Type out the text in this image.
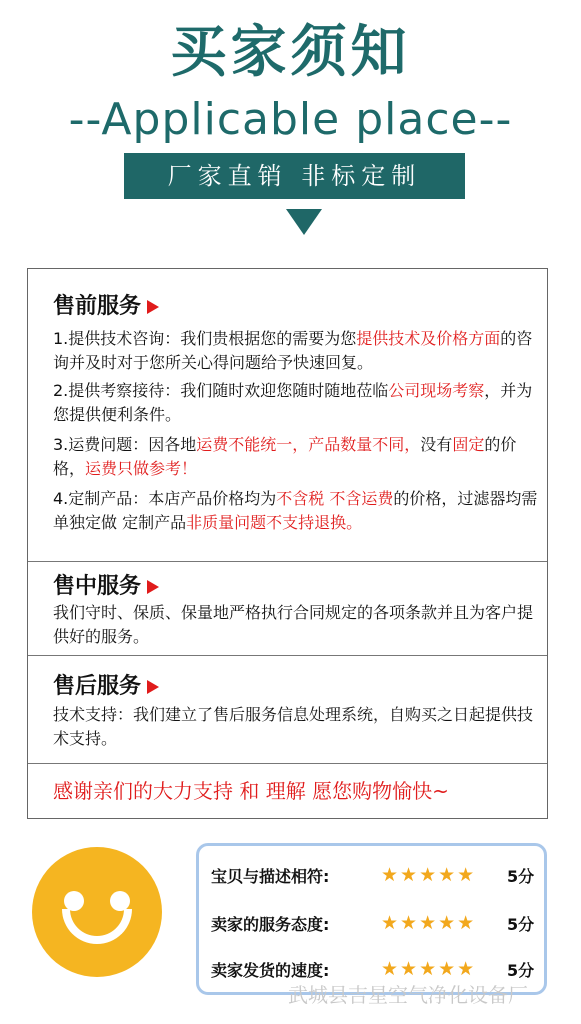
买家须知
--Applicable place--
厂家直销 非标定制
售前服务
1.提供技术咨询：我们贵根据您的需要为您提供技术及价格方面的咨询并及时对于您所关心得问题给予快速回复。
2.提供考察接待：我们随时欢迎您随时随地莅临公司现场考察，并为您提供便利条件。
3.运费问题：因各地运费不能统一，产品数量不同，没有固定的价格，运费只做参考！
4.定制产品：本店产品价格均为不含税 不含运费的价格，过滤器均需单独定做 定制产品非质量问题不支持退换。
售中服务
我们守时、保质、保量地严格执行合同规定的各项条款并且为客户提供好的服务。
售后服务
技术支持：我们建立了售后服务信息处理系统，自购买之日起提供技术支持。
感谢亲们的大力支持 和 理解 愿您购物愉快~
宝贝与描述相符:	★★★★★ 5分
卖家的服务态度:	★★★★★ 5分
卖家发货的速度:	★★★★★ 5分
武城县吉星空气净化设备厂
